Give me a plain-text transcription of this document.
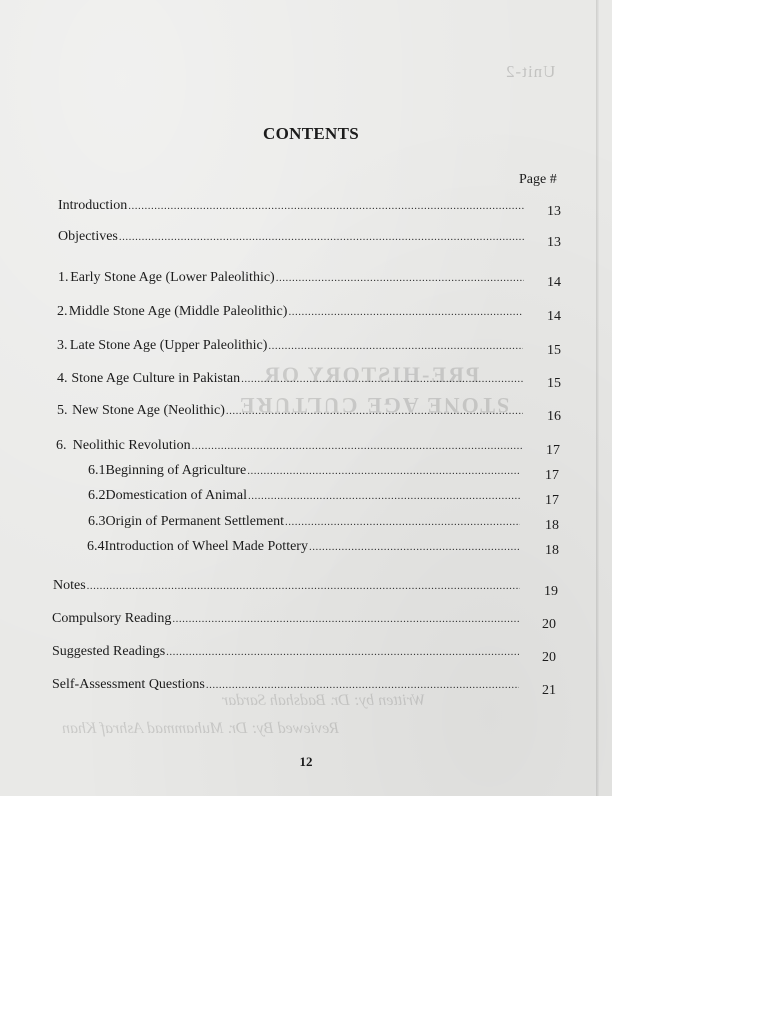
Unit-2
PRE-HISTORY OR
STONE AGE CULTURE
Written by: Dr. Badshah Sardar
Reviewed By: Dr. Muhammad Ashraf Khan
CONTENTS
Page #
Introduction .....	13
Objectives .....	13
1. Early Stone Age (Lower Paleolithic) .....	14
2. Middle Stone Age (Middle Paleolithic) .....	14
3. Late Stone Age (Upper Paleolithic) .....	15
4. Stone Age Culture in Pakistan .....	15
5. New Stone Age (Neolithic) .....	16
6. Neolithic Revolution .....	17
6.1 Beginning of Agriculture .....	17
6.2 Domestication of Animal .....	17
6.3 Origin of Permanent Settlement .....	18
6.4 Introduction of Wheel Made Pottery .....	18
Notes .....	19
Compulsory Reading .....	20
Suggested Readings .....	20
Self-Assessment Questions .....	21
12
